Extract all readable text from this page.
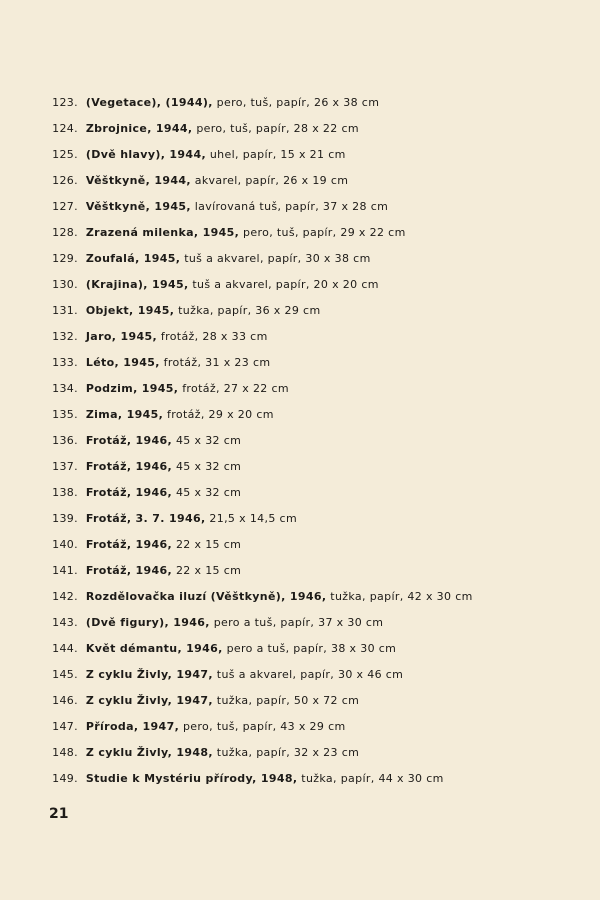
123. (Vegetace), (1944), pero, tuš, papír, 26 x 38 cm
124. Zbrojnice, 1944, pero, tuš, papír, 28 x 22 cm
125. (Dvě hlavy), 1944, uhel, papír, 15 x 21 cm
126. Věštkyně, 1944, akvarel, papír, 26 x 19 cm
127. Věštkyně, 1945, lavírovaná tuš, papír, 37 x 28 cm
128. Zrazená milenka, 1945, pero, tuš, papír, 29 x 22 cm
129. Zoufalá, 1945, tuš a akvarel, papír, 30 x 38 cm
130. (Krajina), 1945, tuš a akvarel, papír, 20 x 20 cm
131. Objekt, 1945, tužka, papír, 36 x 29 cm
132. Jaro, 1945, frotáž, 28 x 33 cm
133. Léto, 1945, frotáž, 31 x 23 cm
134. Podzim, 1945, frotáž, 27 x 22 cm
135. Zima, 1945, frotáž, 29 x 20 cm
136. Frotáž, 1946, 45 x 32 cm
137. Frotáž, 1946, 45 x 32 cm
138. Frotáž, 1946, 45 x 32 cm
139. Frotáž, 3. 7. 1946, 21,5 x 14,5 cm
140. Frotáž, 1946, 22 x 15 cm
141. Frotáž, 1946, 22 x 15 cm
142. Rozdělovačka iluzí (Věštkyně), 1946, tužka, papír, 42 x 30 cm
143. (Dvě figury), 1946, pero a tuš, papír, 37 x 30 cm
144. Květ démantu, 1946, pero a tuš, papír, 38 x 30 cm
145. Z cyklu Živly, 1947, tuš a akvarel, papír, 30 x 46 cm
146. Z cyklu Živly, 1947, tužka, papír, 50 x 72 cm
147. Příroda, 1947, pero, tuš, papír, 43 x 29 cm
148. Z cyklu Živly, 1948, tužka, papír, 32 x 23 cm
149. Studie k Mystériu přírody, 1948, tužka, papír, 44 x 30 cm
21
